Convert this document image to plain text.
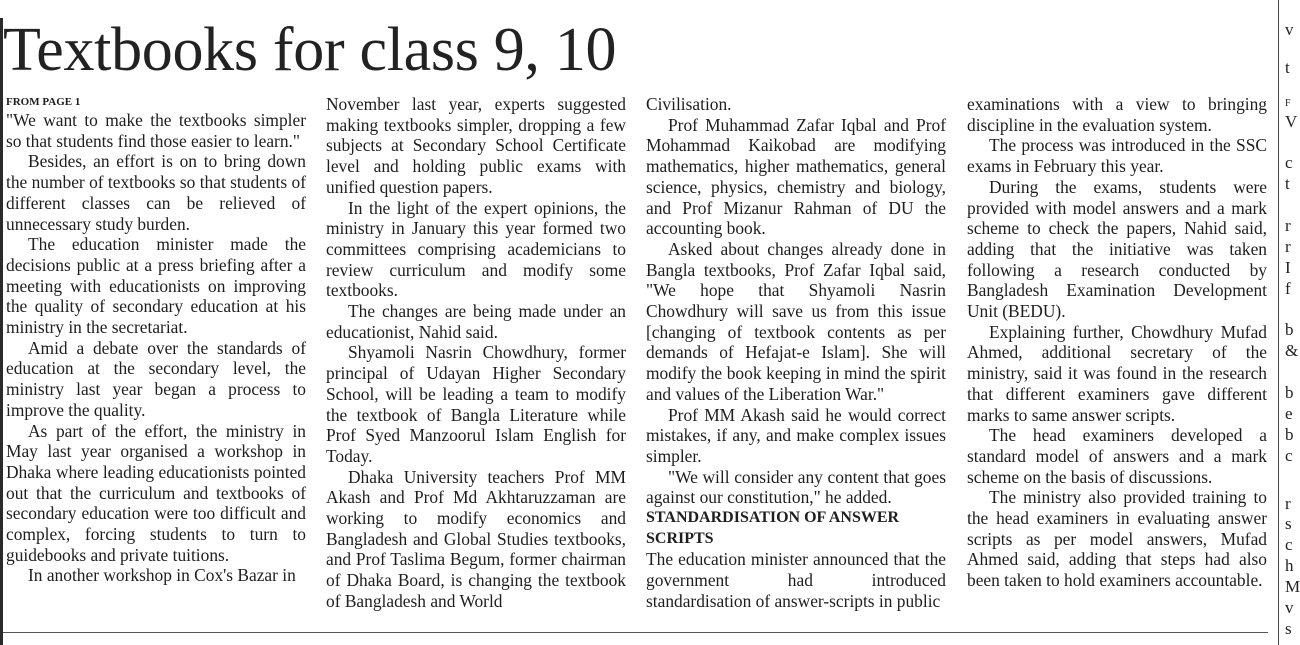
Textbooks for class 9, 10
FROM PAGE 1

"We want to make the textbooks simpler so that students find those easier to learn."

Besides, an effort is on to bring down the number of textbooks so that students of different classes can be relieved of unnecessary study burden.

The education minister made the decisions public at a press briefing after a meeting with educationists on improving the quality of secondary education at his ministry in the secretariat.

Amid a debate over the standards of education at the secondary level, the ministry last year began a process to improve the quality.

As part of the effort, the ministry in May last year organised a workshop in Dhaka where leading educationists pointed out that the curriculum and textbooks of secondary education were too difficult and complex, forcing students to turn to guidebooks and private tuitions.

In another workshop in Cox's Bazar in

November last year, experts suggested making textbooks simpler, dropping a few subjects at Secondary School Certificate level and holding public exams with unified question papers.

In the light of the expert opinions, the ministry in January this year formed two committees comprising academicians to review curriculum and modify some textbooks.

The changes are being made under an educationist, Nahid said.

Shyamoli Nasrin Chowdhury, former principal of Udayan Higher Secondary School, will be leading a team to modify the textbook of Bangla Literature while Prof Syed Manzoorul Islam English for Today.

Dhaka University teachers Prof MM Akash and Prof Md Akhtaruzzaman are working to modify economics and Bangladesh and Global Studies textbooks, and Prof Taslima Begum, former chairman of Dhaka Board, is changing the textbook of Bangladesh and World

Civilisation.

Prof Muhammad Zafar Iqbal and Prof Mohammad Kaikobad are modifying mathematics, higher mathematics, general science, physics, chemistry and biology, and Prof Mizanur Rahman of DU the accounting book.

Asked about changes already done in Bangla textbooks, Prof Zafar Iqbal said, "We hope that Shyamoli Nasrin Chowdhury will save us from this issue [changing of textbook contents as per demands of Hefajat-e Islam]. She will modify the book keeping in mind the spirit and values of the Liberation War."

Prof MM Akash said he would correct mistakes, if any, and make complex issues simpler.

"We will consider any content that goes against our constitution," he added.

STANDARDISATION OF ANSWER SCRIPTS

The education minister announced that the government had introduced standardisation of answer-scripts in public

examinations with a view to bringing discipline in the evaluation system.

The process was introduced in the SSC exams in February this year.

During the exams, students were provided with model answers and a mark scheme to check the papers, Nahid said, adding that the initiative was taken following a research conducted by Bangladesh Examination Development Unit (BEDU).

Explaining further, Chowdhury Mufad Ahmed, additional secretary of the ministry, said it was found in the research that different examiners gave different marks to same answer scripts.

The head examiners developed a standard model of answers and a mark scheme on the basis of discussions.

The ministry also provided training to the head examiners in evaluating answer scripts as per model answers, Mufad Ahmed said, adding that steps had also been taken to hold examiners accountable.

v
t
F
V
c
t
r
r
I
f
b
&
b
e
b
c
r
s
c
h
M
v
s
